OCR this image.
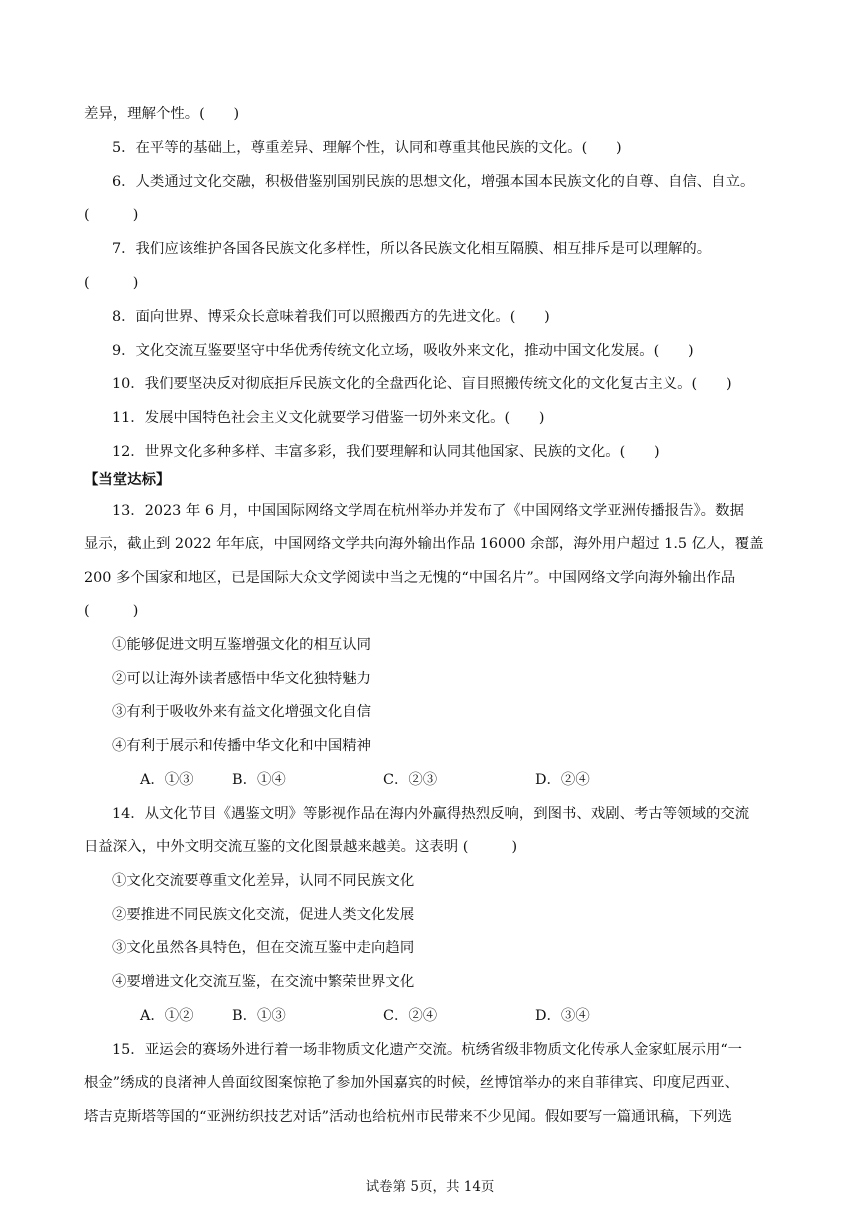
差异，理解个性。(　　)
5．在平等的基础上，尊重差异、理解个性，认同和尊重其他民族的文化。(　　)
6．人类通过文化交融，积极借鉴别国别民族的思想文化，增强本国本民族文化的自尊、自信、自立。
(　　　)
7．我们应该维护各国各民族文化多样性，所以各民族文化相互隔膜、相互排斥是可以理解的。
(　　　)
8．面向世界、博采众长意味着我们可以照搬西方的先进文化。(　　)
9．文化交流互鉴要坚守中华优秀传统文化立场，吸收外来文化，推动中国文化发展。(　　)
10．我们要坚决反对彻底拒斥民族文化的全盘西化论、盲目照搬传统文化的文化复古主义。(　　)
11．发展中国特色社会主义文化就要学习借鉴一切外来文化。(　　)
12．世界文化多种多样、丰富多彩，我们要理解和认同其他国家、民族的文化。(　　)
【当堂达标】
13．2023 年 6 月，中国国际网络文学周在杭州举办并发布了《中国网络文学亚洲传播报告》。数据
显示，截止到 2022 年年底，中国网络文学共向海外输出作品 16000 余部，海外用户超过 1.5 亿人，覆盖
200 多个国家和地区，已是国际大众文学阅读中当之无愧的“中国名片”。中国网络文学向海外输出作品
(　　　)
①能够促进文明互鉴增强文化的相互认同
②可以让海外读者感悟中华文化独特魅力
③有利于吸收外来有益文化增强文化自信
④有利于展示和传播中华文化和中国精神
A．①③	B．①④	C．②③	D．②④
14．从文化节目《遇鉴文明》等影视作品在海内外赢得热烈反响，到图书、戏剧、考古等领域的交流
日益深入，中外文明交流互鉴的文化图景越来越美。这表明 (　　　)
①文化交流要尊重文化差异，认同不同民族文化
②要推进不同民族文化交流，促进人类文化发展
③文化虽然各具特色，但在交流互鉴中走向趋同
④要增进文化交流互鉴，在交流中繁荣世界文化
A．①②	B．①③	C．②④	D．③④
15．亚运会的赛场外进行着一场非物质文化遗产交流。杭绣省级非物质文化传承人金家虹展示用“一
根金”绣成的良渚神人兽面纹图案惊艳了参加外国嘉宾的时候，丝博馆举办的来自菲律宾、印度尼西亚、
塔吉克斯塔等国的“亚洲纺织技艺对话”活动也给杭州市民带来不少见闻。假如要写一篇通讯稿，下列选
试卷第 5页，共 14页
